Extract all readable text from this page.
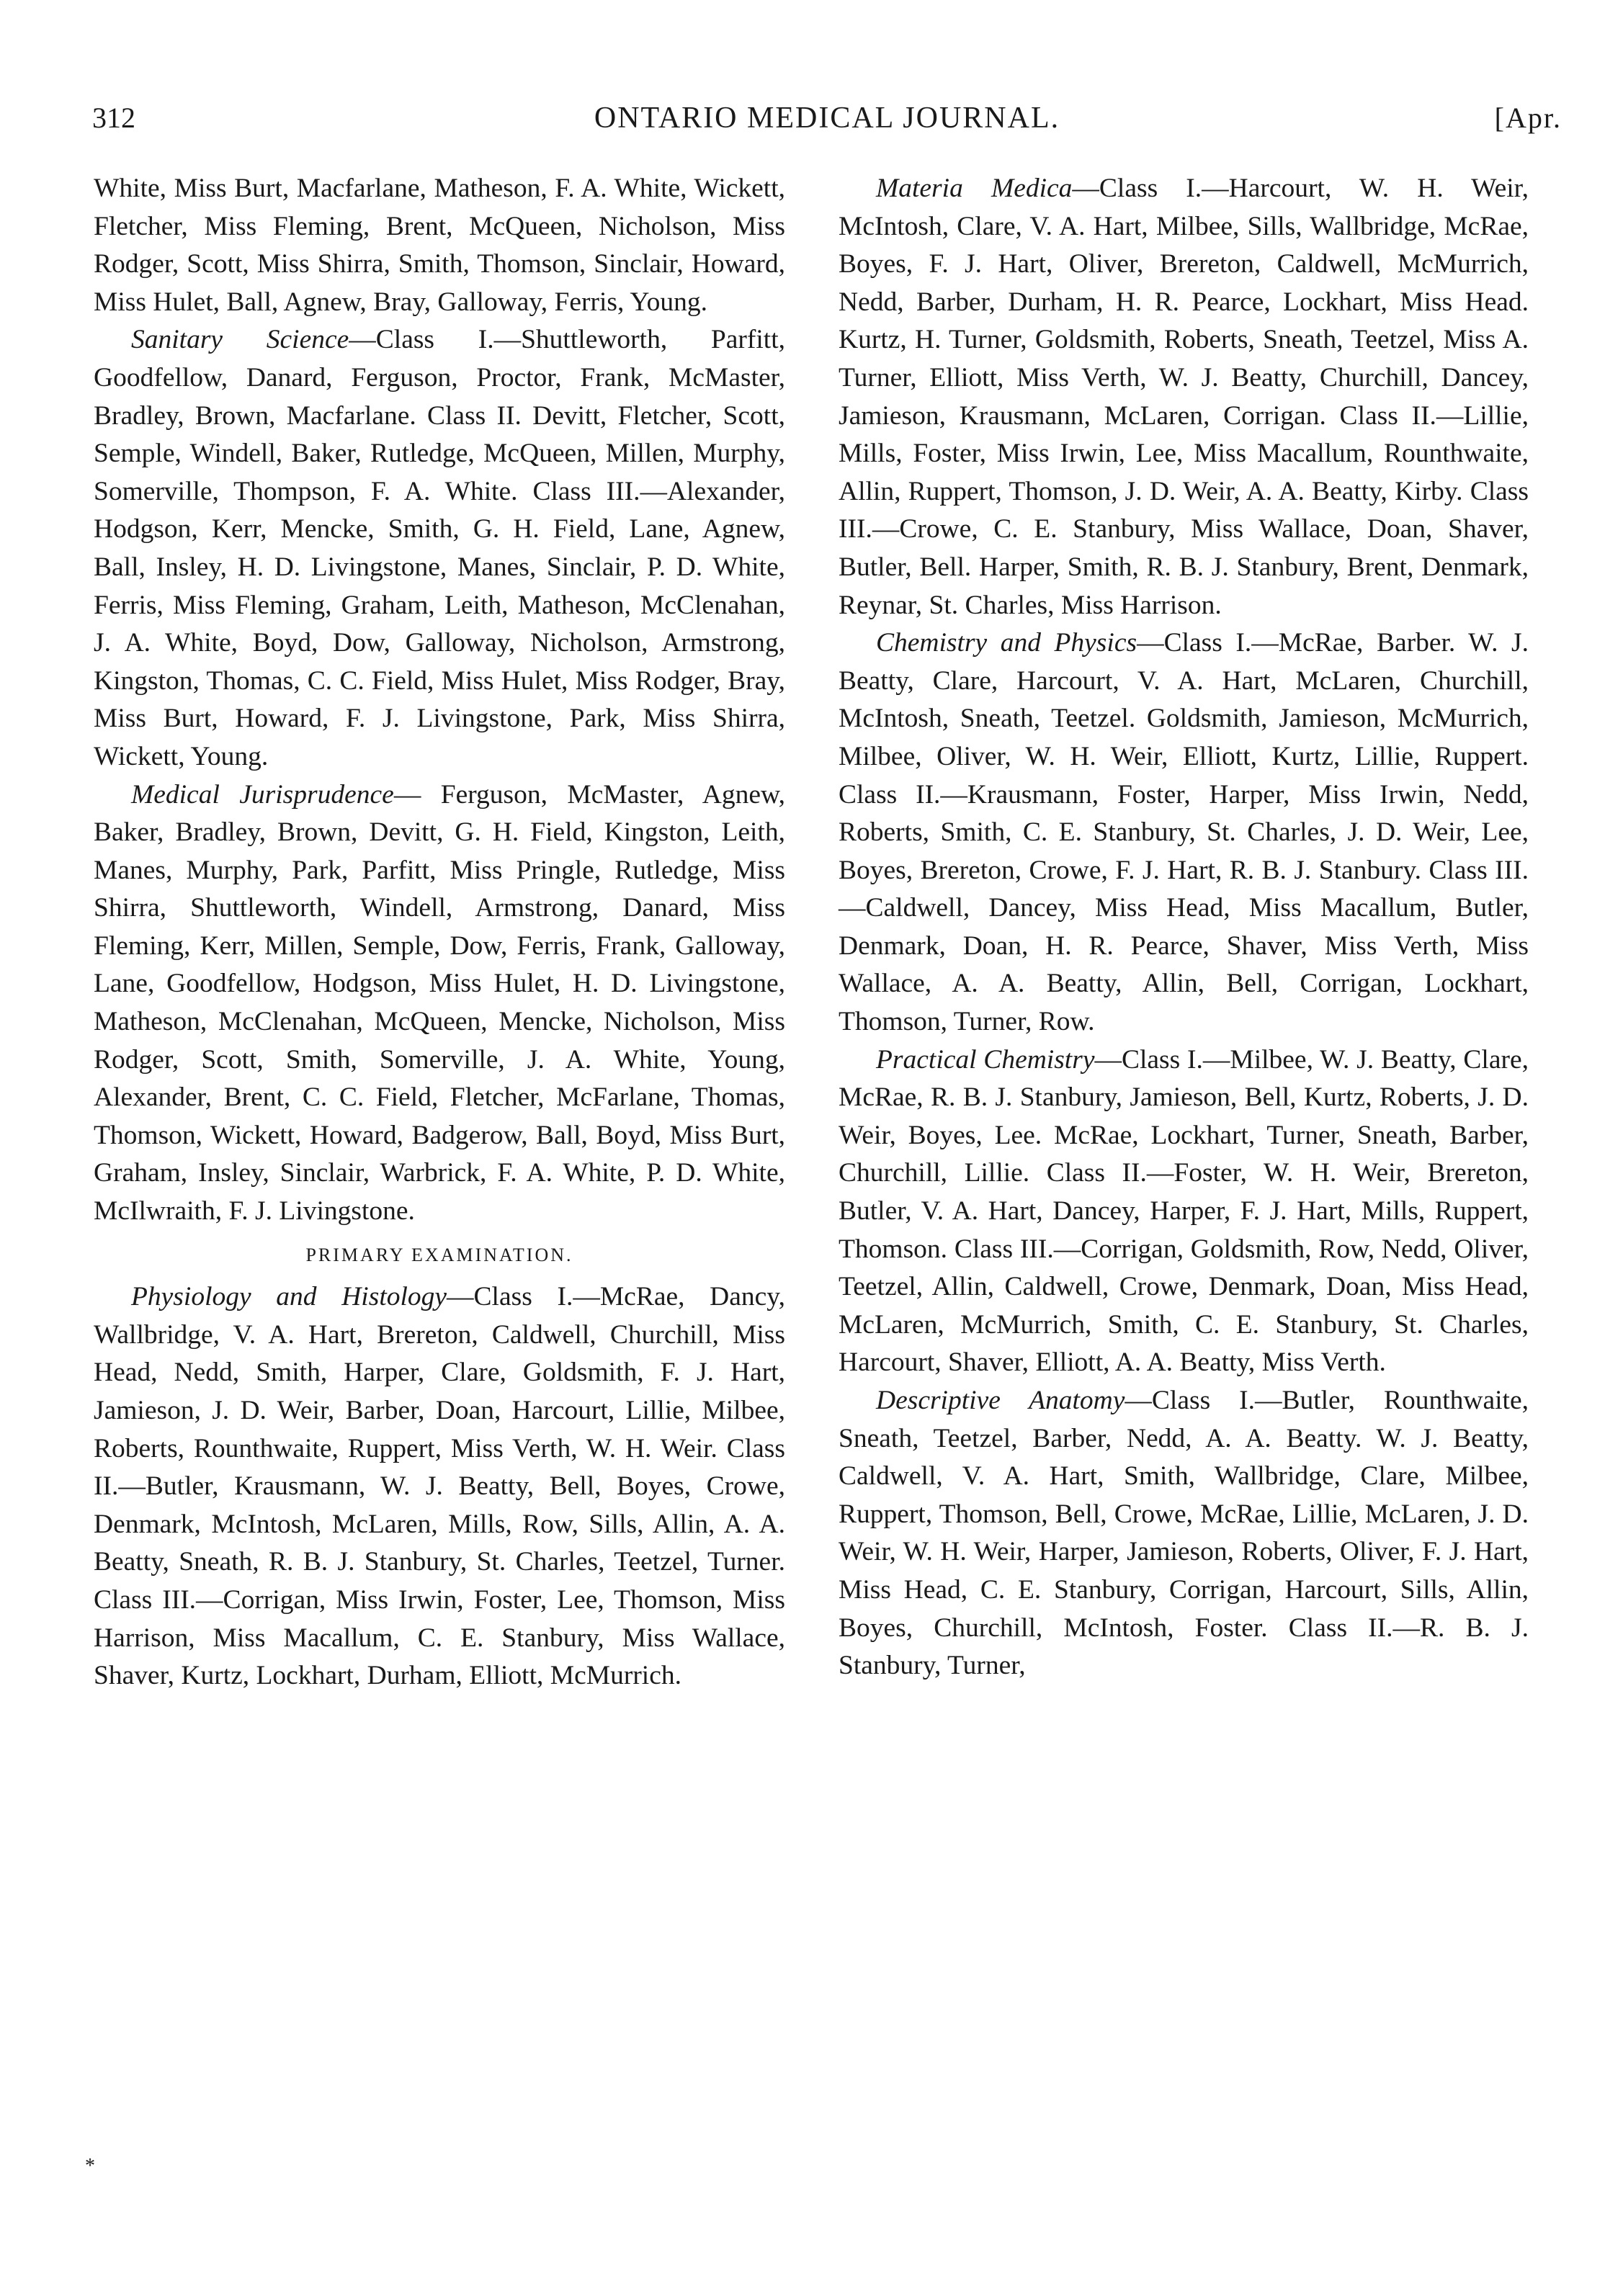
312	ONTARIO MEDICAL JOURNAL.	[Apr.

White, Miss Burt, Macfarlane, Matheson, F. A. White, Wickett, Fletcher, Miss Fleming, Brent, McQueen, Nicholson, Miss Rodger, Scott, Miss Shirra, Smith, Thomson, Sinclair, Howard, Miss Hulet, Ball, Agnew, Bray, Galloway, Ferris, Young.

Sanitary Science—Class I.—Shuttleworth, Parfitt, Goodfellow, Danard, Ferguson, Proctor, Frank, McMaster, Bradley, Brown, Macfarlane. Class II. Devitt, Fletcher, Scott, Semple, Windell, Baker, Rutledge, McQueen, Millen, Murphy, Somerville, Thompson, F. A. White. Class III.—Alexander, Hodgson, Kerr, Mencke, Smith, G. H. Field, Lane, Agnew, Ball, Insley, H. D. Livingstone, Manes, Sinclair, P. D. White, Ferris, Miss Fleming, Graham, Leith, Matheson, McClenahan, J. A. White, Boyd, Dow, Galloway, Nicholson, Armstrong, Kingston, Thomas, C. C. Field, Miss Hulet, Miss Rodger, Bray, Miss Burt, Howard, F. J. Livingstone, Park, Miss Shirra, Wickett, Young.

Medical Jurisprudence— Ferguson, McMaster, Agnew, Baker, Bradley, Brown, Devitt, G. H. Field, Kingston, Leith, Manes, Murphy, Park, Parfitt, Miss Pringle, Rutledge, Miss Shirra, Shuttleworth, Windell, Armstrong, Danard, Miss Fleming, Kerr, Millen, Semple, Dow, Ferris, Frank, Galloway, Lane, Goodfellow, Hodgson, Miss Hulet, H. D. Livingstone, Matheson, McClenahan, McQueen, Mencke, Nicholson, Miss Rodger, Scott, Smith, Somerville, J. A. White, Young, Alexander, Brent, C. C. Field, Fletcher, McFarlane, Thomas, Thomson, Wickett, Howard, Badgerow, Ball, Boyd, Miss Burt, Graham, Insley, Sinclair, Warbrick, F. A. White, P. D. White, McIlwraith, F. J. Livingstone.

PRIMARY EXAMINATION.

Physiology and Histology—Class I.—McRae, Dancy, Wallbridge, V. A. Hart, Brereton, Caldwell, Churchill, Miss Head, Nedd, Smith, Harper, Clare, Goldsmith, F. J. Hart, Jamieson, J. D. Weir, Barber, Doan, Harcourt, Lillie, Milbee, Roberts, Rounthwaite, Ruppert, Miss Verth, W. H. Weir. Class II.—Butler, Krausmann, W. J. Beatty, Bell, Boyes, Crowe, Denmark, McIntosh, McLaren, Mills, Row, Sills, Allin, A. A. Beatty, Sneath, R. B. J. Stanbury, St. Charles, Teetzel, Turner. Class III.—Corrigan, Miss Irwin, Foster, Lee, Thomson, Miss Harrison, Miss Macallum, C. E. Stanbury, Miss Wallace, Shaver, Kurtz, Lockhart, Durham, Elliott, McMurrich.

Materia Medica—Class I.—Harcourt, W. H. Weir, McIntosh, Clare, V. A. Hart, Milbee, Sills, Wallbridge, McRae, Boyes, F. J. Hart, Oliver, Brereton, Caldwell, McMurrich, Nedd, Barber, Durham, H. R. Pearce, Lockhart, Miss Head. Kurtz, H. Turner, Goldsmith, Roberts, Sneath, Teetzel, Miss A. Turner, Elliott, Miss Verth, W. J. Beatty, Churchill, Dancey, Jamieson, Krausmann, McLaren, Corrigan. Class II.—Lillie, Mills, Foster, Miss Irwin, Lee, Miss Macallum, Rounthwaite, Allin, Ruppert, Thomson, J. D. Weir, A. A. Beatty, Kirby. Class III.—Crowe, C. E. Stanbury, Miss Wallace, Doan, Shaver, Butler, Bell. Harper, Smith, R. B. J. Stanbury, Brent, Denmark, Reynar, St. Charles, Miss Harrison.

Chemistry and Physics—Class I.—McRae, Barber. W. J. Beatty, Clare, Harcourt, V. A. Hart, McLaren, Churchill, McIntosh, Sneath, Teetzel. Goldsmith, Jamieson, McMurrich, Milbee, Oliver, W. H. Weir, Elliott, Kurtz, Lillie, Ruppert. Class II.—Krausmann, Foster, Harper, Miss Irwin, Nedd, Roberts, Smith, C. E. Stanbury, St. Charles, J. D. Weir, Lee, Boyes, Brereton, Crowe, F. J. Hart, R. B. J. Stanbury. Class III.—Caldwell, Dancey, Miss Head, Miss Macallum, Butler, Denmark, Doan, H. R. Pearce, Shaver, Miss Verth, Miss Wallace, A. A. Beatty, Allin, Bell, Corrigan, Lockhart, Thomson, Turner, Row.

Practical Chemistry—Class I.—Milbee, W. J. Beatty, Clare, McRae, R. B. J. Stanbury, Jamieson, Bell, Kurtz, Roberts, J. D. Weir, Boyes, Lee. McRae, Lockhart, Turner, Sneath, Barber, Churchill, Lillie. Class II.—Foster, W. H. Weir, Brereton, Butler, V. A. Hart, Dancey, Harper, F. J. Hart, Mills, Ruppert, Thomson. Class III.—Corrigan, Goldsmith, Row, Nedd, Oliver, Teetzel, Allin, Caldwell, Crowe, Denmark, Doan, Miss Head, McLaren, McMurrich, Smith, C. E. Stanbury, St. Charles, Harcourt, Shaver, Elliott, A. A. Beatty, Miss Verth.

Descriptive Anatomy—Class I.—Butler, Rounthwaite, Sneath, Teetzel, Barber, Nedd, A. A. Beatty. W. J. Beatty, Caldwell, V. A. Hart, Smith, Wallbridge, Clare, Milbee, Ruppert, Thomson, Bell, Crowe, McRae, Lillie, McLaren, J. D. Weir, W. H. Weir, Harper, Jamieson, Roberts, Oliver, F. J. Hart, Miss Head, C. E. Stanbury, Corrigan, Harcourt, Sills, Allin, Boyes, Churchill, McIntosh, Foster. Class II.—R. B. J. Stanbury, Turner,

*
